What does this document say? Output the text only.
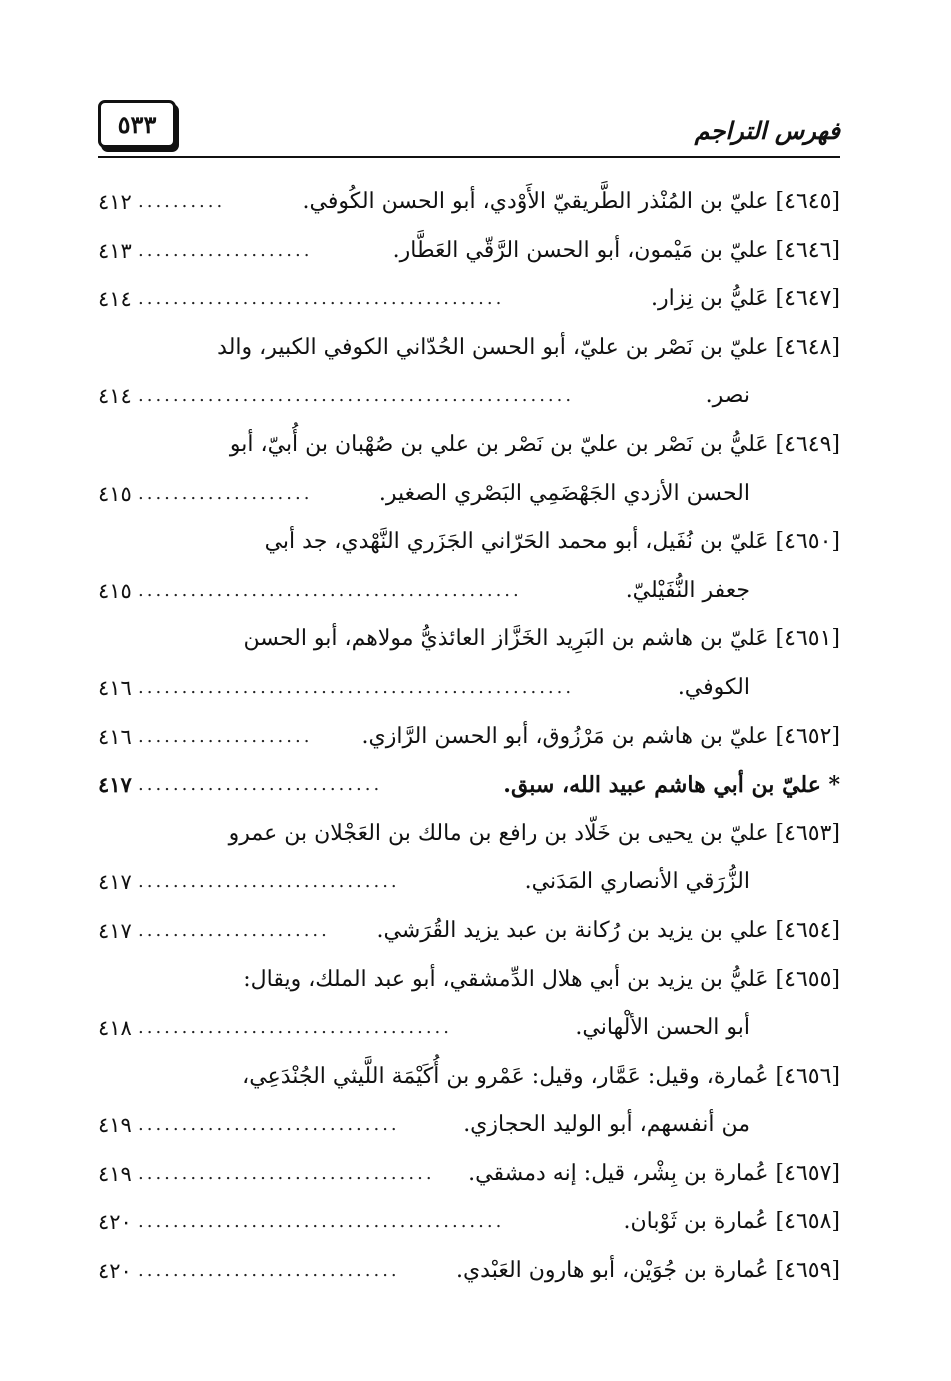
٥٣٣	فهرس التراجم
[٤٦٤٥] عليّ بن المُنْذر الطَّريقيّ الأَوْدي، أبو الحسن الكُوفي.
..........
٤١٢
[٤٦٤٦] عليّ بن مَيْمون، أبو الحسن الرَّقّي العَطَّار.
....................
٤١٣
[٤٦٤٧] عَليُّ بن نِزار.
..........................................
٤١٤
[٤٦٤٨] عليّ بن نَصْر بن عليّ، أبو الحسن الحُدّاني الكوفي الكبير، والد
نصر.
..................................................
٤١٤
[٤٦٤٩] عَليُّ بن نَصْر بن عليّ بن نَصْر بن علي بن صُهْبان بن أُبيّ، أبو
الحسن الأزدي الجَهْضَمِي البَصْري الصغير.
....................
٤١٥
[٤٦٥٠] عَليّ بن نُفَيل، أبو محمد الحَرّاني الجَزَري النَّهْدي، جد أبي
جعفر النُّفَيْليّ.
............................................
٤١٥
[٤٦٥١] عَليّ بن هاشم بن البَرِيد الخَزَّاز العائذيُّ مولاهم، أبو الحسن
الكوفي.
..................................................
٤١٦
[٤٦٥٢] عليّ بن هاشم بن مَرْزُوق، أبو الحسن الرَّازي.
....................
٤١٦
* عليّ بن أبي هاشم عبيد الله، سبق.
............................
٤١٧
[٤٦٥٣] عليّ بن يحيى بن خَلّاد بن رافع بن مالك بن العَجْلان بن عمرو
الزُّرَقي الأنصاري المَدَني.
..............................
٤١٧
[٤٦٥٤] علي بن يزيد بن رُكانة بن عبد يزيد القُرَشي.
......................
٤١٧
[٤٦٥٥] عَليُّ بن يزيد بن أبي هلال الدِّمشقي، أبو عبد الملك، ويقال:
أبو الحسن الألْهاني.
....................................
٤١٨
[٤٦٥٦] عُمارة، وقيل: عَمَّار، وقيل: عَمْرو بن أُكَيْمَة اللَّيثي الجُنْدَعِي،
من أنفسهم، أبو الوليد الحجازي.
..............................
٤١٩
[٤٦٥٧] عُمارة بن بِشْر، قيل: إنه دمشقي.
..................................
٤١٩
[٤٦٥٨] عُمارة بن ثَوْبان.
..........................................
٤٢٠
[٤٦٥٩] عُمارة بن جُوَيْن، أبو هارون العَبْدي.
..............................
٤٢٠
